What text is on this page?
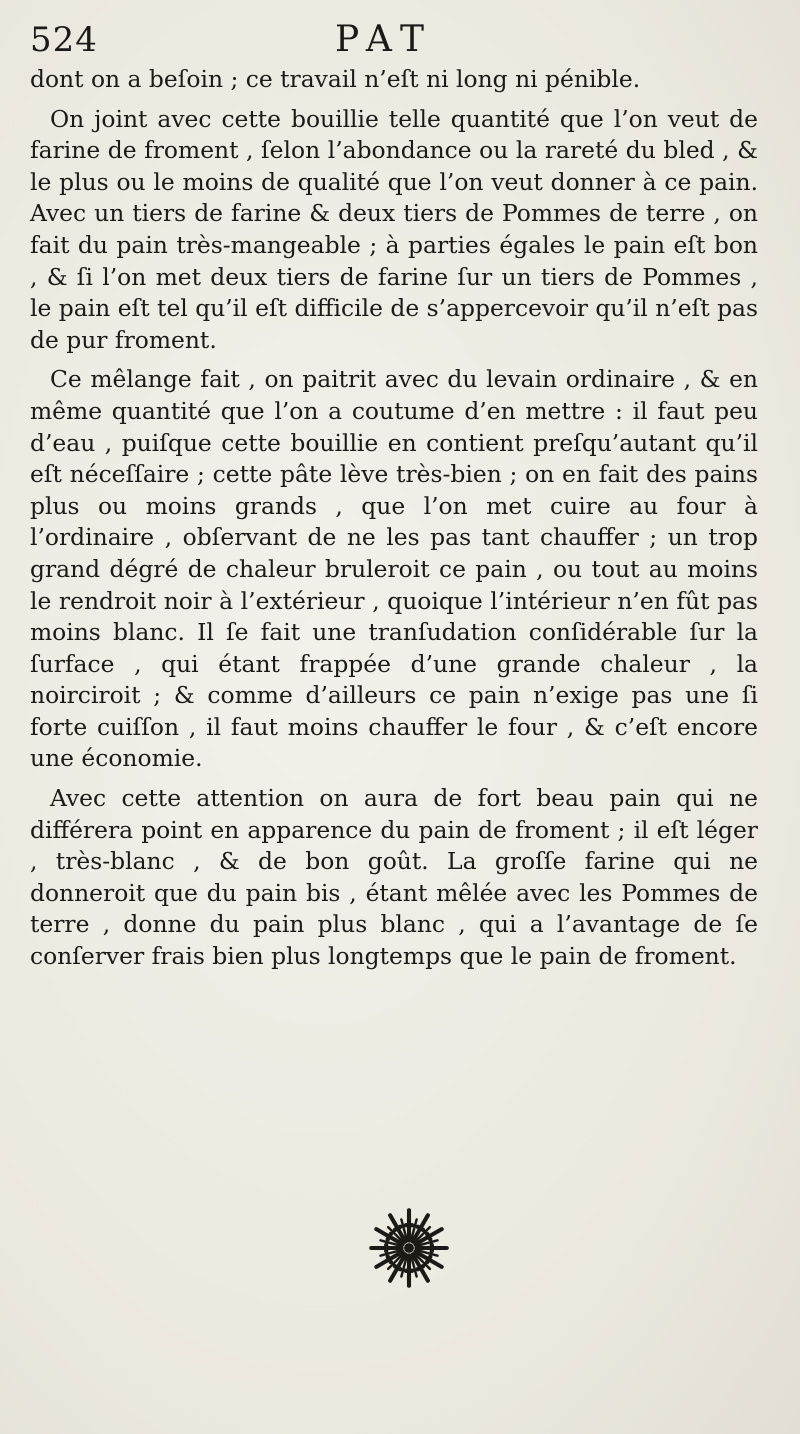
524	PAT

dont on a beſoin ; ce travail n’eſt ni long ni pénible.

On joint avec cette bouillie telle quantité que l’on veut de farine de froment , ſelon l’abondance ou la rareté du bled , & le plus ou le moins de qualité que l’on veut donner à ce pain. Avec un tiers de farine & deux tiers de Pommes de terre , on fait du pain très-mangeable ; à parties égales le pain eſt bon , & ſi l’on met deux tiers de farine ſur un tiers de Pommes , le pain eſt tel qu’il eſt difficile de s’appercevoir qu’il n’eſt pas de pur froment.

Ce mêlange fait , on paitrit avec du levain ordinaire , & en même quantité que l’on a coutume d’en mettre : il faut peu d’eau , puiſque cette bouillie en contient preſqu’autant qu’il eſt néceſſaire ; cette pâte lève très-bien ; on en fait des pains plus ou moins grands , que l’on met cuire au four à l’ordinaire , obſervant de ne les pas tant chauffer ; un trop grand dégré de chaleur bruleroit ce pain , ou tout au moins le rendroit noir à l’extérieur , quoique l’intérieur n’en fût pas moins blanc. Il ſe fait une tranſudation conſidérable ſur la ſurface , qui étant frappée d’une grande chaleur , la noirciroit ; & comme d’ailleurs ce pain n’exige pas une ſi forte cuiſſon , il faut moins chauffer le four , & c’eſt encore une économie.

Avec cette attention on aura de fort beau pain qui ne différera point en apparence du pain de froment ; il eſt léger , très-blanc , & de bon goût. La groſſe farine qui ne donneroit que du pain bis , étant mêlée avec les Pommes de terre , donne du pain plus blanc , qui a l’avantage de ſe conſerver frais bien plus longtemps que le pain de froment.
